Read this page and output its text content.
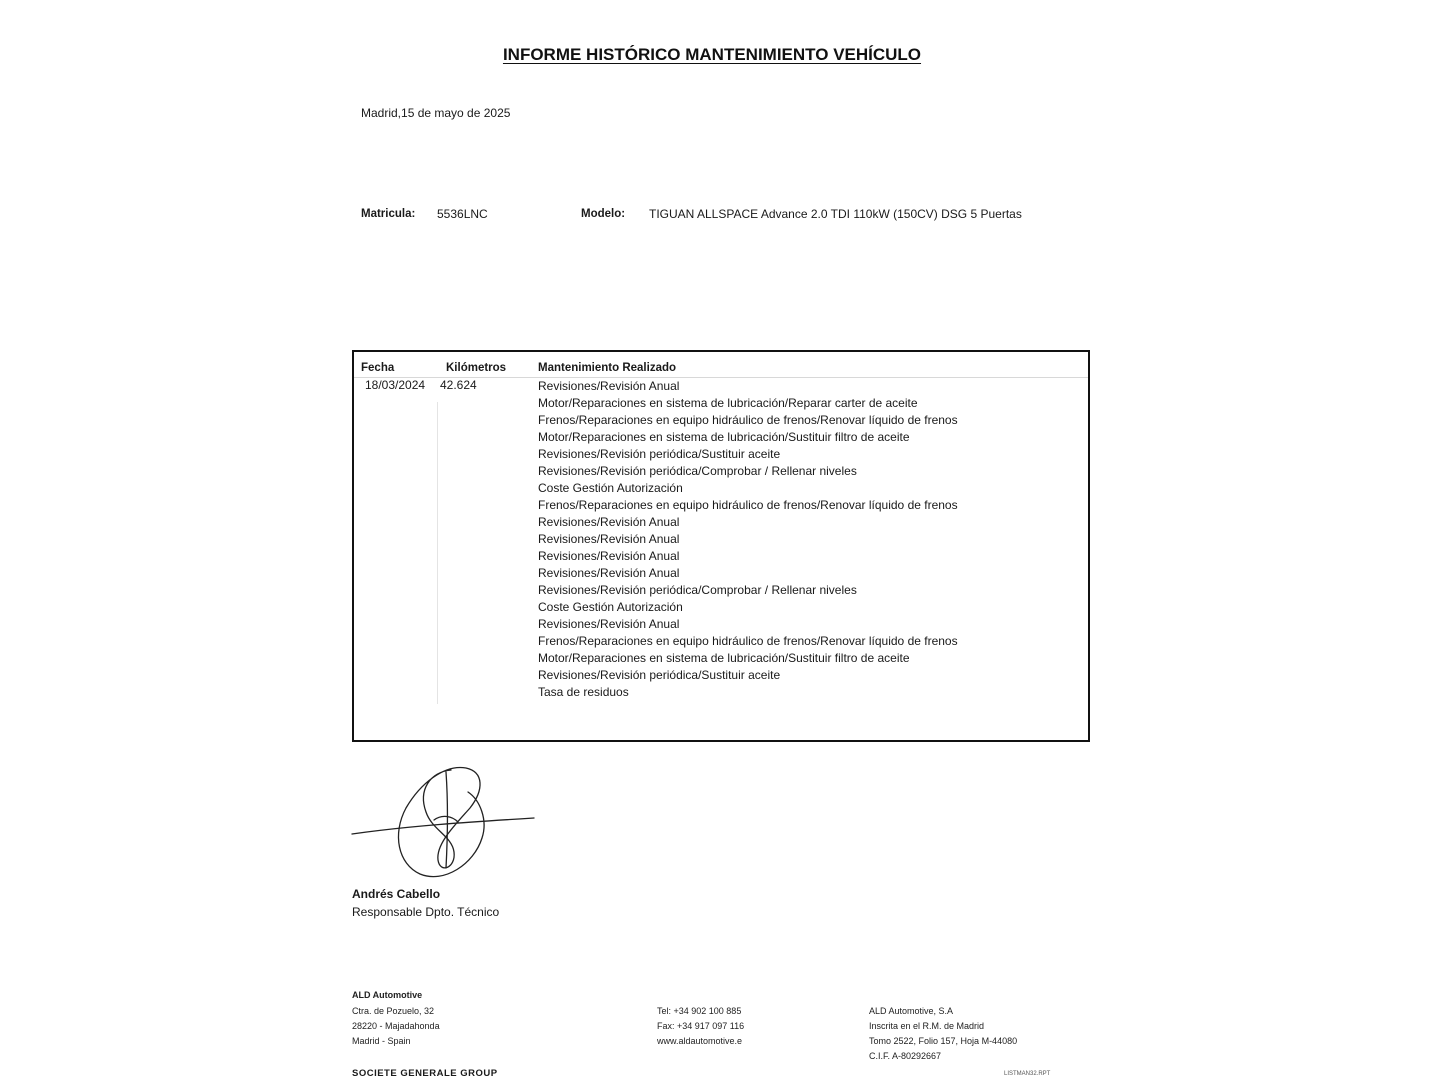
INFORME HISTÓRICO MANTENIMIENTO VEHÍCULO
Madrid,15 de mayo de 2025
Matricula: 5536LNC	Modelo: TIGUAN ALLSPACE Advance 2.0 TDI 110kW (150CV) DSG 5 Puertas
Fecha	Kilómetros	Mantenimiento Realizado
18/03/2024 42.624	Revisiones/Revisión Anual
Motor/Reparaciones en sistema de lubricación/Reparar carter de aceite
Frenos/Reparaciones en equipo hidráulico de frenos/Renovar líquido de frenos
Motor/Reparaciones en sistema de lubricación/Sustituir filtro de aceite
Revisiones/Revisión periódica/Sustituir aceite
Revisiones/Revisión periódica/Comprobar / Rellenar niveles
Coste Gestión Autorización
Frenos/Reparaciones en equipo hidráulico de frenos/Renovar líquido de frenos
Revisiones/Revisión Anual
Revisiones/Revisión Anual
Revisiones/Revisión Anual
Revisiones/Revisión Anual
Revisiones/Revisión periódica/Comprobar / Rellenar niveles
Coste Gestión Autorización
Revisiones/Revisión Anual
Frenos/Reparaciones en equipo hidráulico de frenos/Renovar líquido de frenos
Motor/Reparaciones en sistema de lubricación/Sustituir filtro de aceite
Revisiones/Revisión periódica/Sustituir aceite
Tasa de residuos
Andrés Cabello
Responsable Dpto. Técnico
ALD Automotive
Ctra. de Pozuelo, 32
28220 - Majadahonda
Madrid - Spain
Tel: +34 902 100 885
Fax: +34 917 097 116
www.aldautomotive.e
ALD Automotive, S.A
Inscrita en el R.M. de Madrid
Tomo 2522, Folio 157, Hoja M-44080
C.I.F. A-80292667
SOCIETE GENERALE GROUP	LISTMAN32.RPT
